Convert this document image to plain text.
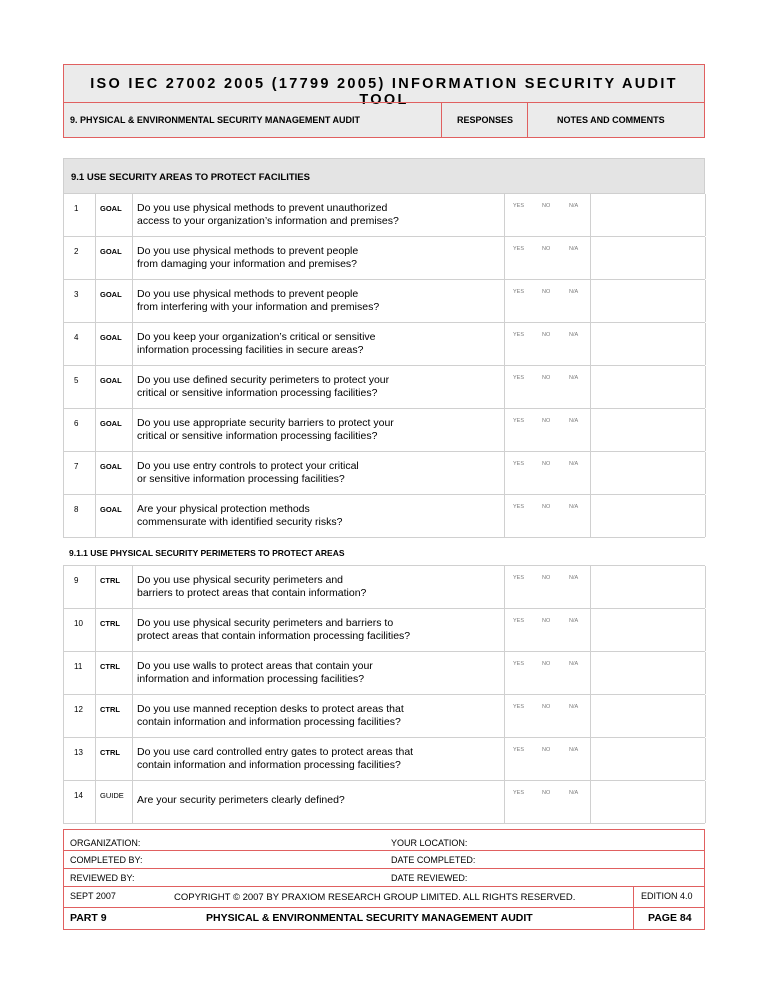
ISO IEC 27002 2005 (17799 2005) INFORMATION SECURITY AUDIT TOOL
9. PHYSICAL & ENVIRONMENTAL SECURITY MANAGEMENT AUDIT	RESPONSES	NOTES AND COMMENTS
9.1 USE SECURITY AREAS TO PROTECT FACILITIES
1	GOAL Do you use physical methods to prevent unauthorized
access to your organization’s information and premises?
YES	NO	N/A
2	GOAL Do you use physical methods to prevent people
from damaging your information and premises?
YES	NO	N/A
3	GOAL Do you use physical methods to prevent people
from interfering with your information and premises?
YES	NO	N/A
4	GOAL Do you keep your organization’s critical or sensitive
information processing facilities in secure areas?
YES	NO	N/A
5	GOAL Do you use defined security perimeters to protect your
critical or sensitive information processing facilities?
YES	NO	N/A
6	GOAL Do you use appropriate security barriers to protect your
critical or sensitive information processing facilities?
YES	NO	N/A
7	GOAL Do you use entry controls to protect your critical
or sensitive information processing facilities?
YES	NO	N/A
8	GOAL Are your physical protection methods
commensurate with identified security risks?
YES	NO	N/A
9	CTRL Do you use physical security perimeters and
barriers to protect areas that contain information?
YES	NO	N/A
10 CTRL Do you use physical security perimeters and barriers to
protect areas that contain information processing facilities?
YES	NO	N/A
11 CTRL Do you use walls to protect areas that contain your
information and information processing facilities?
YES	NO	N/A
12 CTRL Do you use manned reception desks to protect areas that
contain information and information processing facilities?
YES	NO	N/A
13 CTRL Do you use card controlled entry gates to protect areas that
contain information and information processing facilities?
YES	NO	N/A
14 GUIDE Are your security perimeters clearly defined?
YES	NO	N/A
9.1.1 USE PHYSICAL SECURITY PERIMETERS TO PROTECT AREAS
ORGANIZATION:	YOUR LOCATION:
COMPLETED BY:	DATE COMPLETED:
REVIEWED BY:	DATE REVIEWED:
SEPT 2007	COPYRIGHT © 2007 BY PRAXIOM RESEARCH GROUP LIMITED. ALL RIGHTS RESERVED.	EDITION 4.0
PART 9	PHYSICAL & ENVIRONMENTAL SECURITY MANAGEMENT AUDIT	PAGE 84
